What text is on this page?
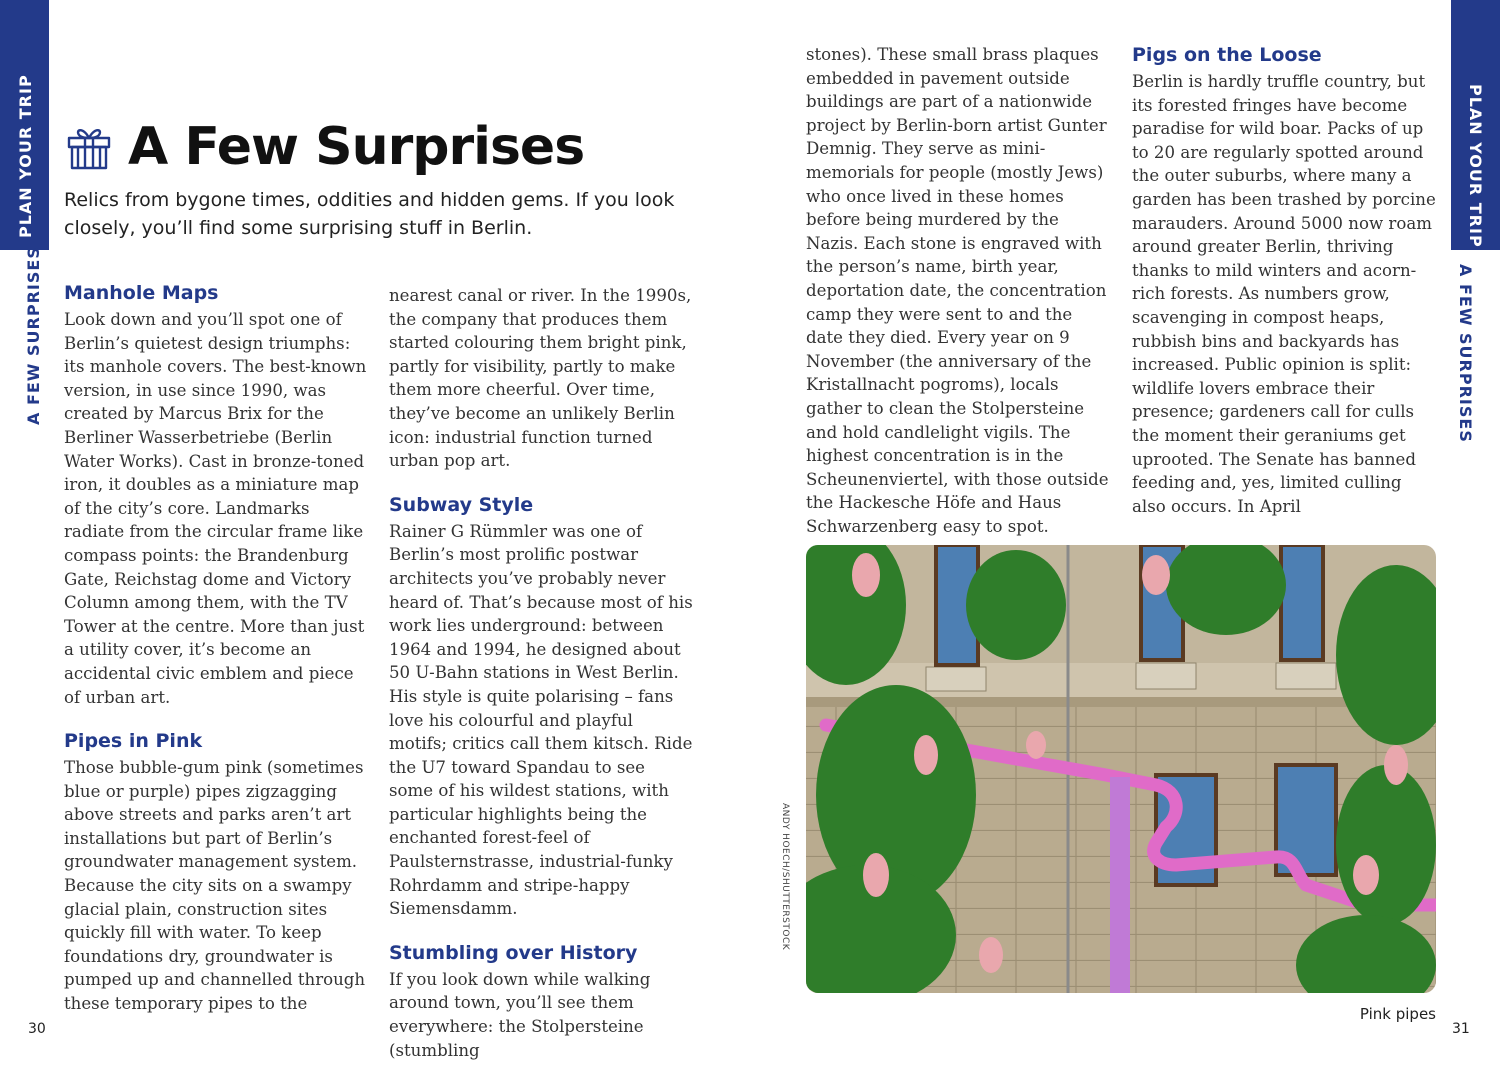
PLAN YOUR TRIP
A FEW SURPRISES
PLAN YOUR TRIP
A FEW SURPRISES
A Few Surprises

Relics from bygone times, oddities and hidden gems. If you look closely, you’ll find some surprising stuff in Berlin.

Manhole Maps

Look down and you’ll spot one of Berlin’s quietest design triumphs: its manhole covers. The best-known version, in use since 1990, was created by Marcus Brix for the Berliner Wasserbetriebe (Berlin Water Works). Cast in bronze-toned iron, it doubles as a miniature map of the city’s core. Landmarks radiate from the circular frame like compass points: the Brandenburg Gate, Reichstag dome and Victory Column among them, with the TV Tower at the centre. More than just a utility cover, it’s become an accidental civic emblem and piece of urban art.

Pipes in Pink

Those bubble-gum pink (sometimes blue or purple) pipes zigzagging above streets and parks aren’t art installations but part of Berlin’s groundwater management system. Because the city sits on a swampy glacial plain, construction sites quickly fill with water. To keep foundations dry, groundwater is pumped up and channelled through these temporary pipes to the

nearest canal or river. In the 1990s, the company that produces them started colouring them bright pink, partly for visibility, partly to make them more cheerful. Over time, they’ve become an unlikely Berlin icon: industrial function turned urban pop art.

Subway Style

Rainer G Rümmler was one of Berlin’s most prolific postwar architects you’ve probably never heard of. That’s because most of his work lies underground: between 1964 and 1994, he designed about 50 U-Bahn stations in West Berlin. His style is quite polarising – fans love his colourful and playful motifs; critics call them kitsch. Ride the U7 toward Spandau to see some of his wildest stations, with particular highlights being the enchanted forest-feel of Paulsternstrasse, industrial-funky Rohrdamm and stripe-happy Siemensdamm.

Stumbling over History

If you look down while walking around town, you’ll see them everywhere: the Stolpersteine (stumbling

stones). These small brass plaques embedded in pavement outside buildings are part of a nationwide project by Berlin-born artist Gunter Demnig. They serve as mini-memorials for people (mostly Jews) who once lived in these homes before being murdered by the Nazis. Each stone is engraved with the person’s name, birth year, deportation date, the concentration camp they were sent to and the date they died. Every year on 9 November (the anniversary of the Kristallnacht pogroms), locals gather to clean the Stolpersteine and hold candlelight vigils. The highest concentration is in the Scheunenviertel, with those outside the Hackesche Höfe and Haus Schwarzenberg easy to spot.

Pigs on the Loose

Berlin is hardly truffle country, but its forested fringes have become paradise for wild boar. Packs of up to 20 are regularly spotted around the outer suburbs, where many a garden has been trashed by porcine marauders. Around 5000 now roam around greater Berlin, thriving thanks to mild winters and acorn-rich forests. As numbers grow, scavenging in compost heaps, rubbish bins and backyards has increased. Public opinion is split: wildlife lovers embrace their presence; gardeners call for culls the moment their geraniums get uprooted. The Senate has banned feeding and, yes, limited culling also occurs. In April

ANDY HOECH/SHUTTERSTOCK
Pink pipes
30	31
